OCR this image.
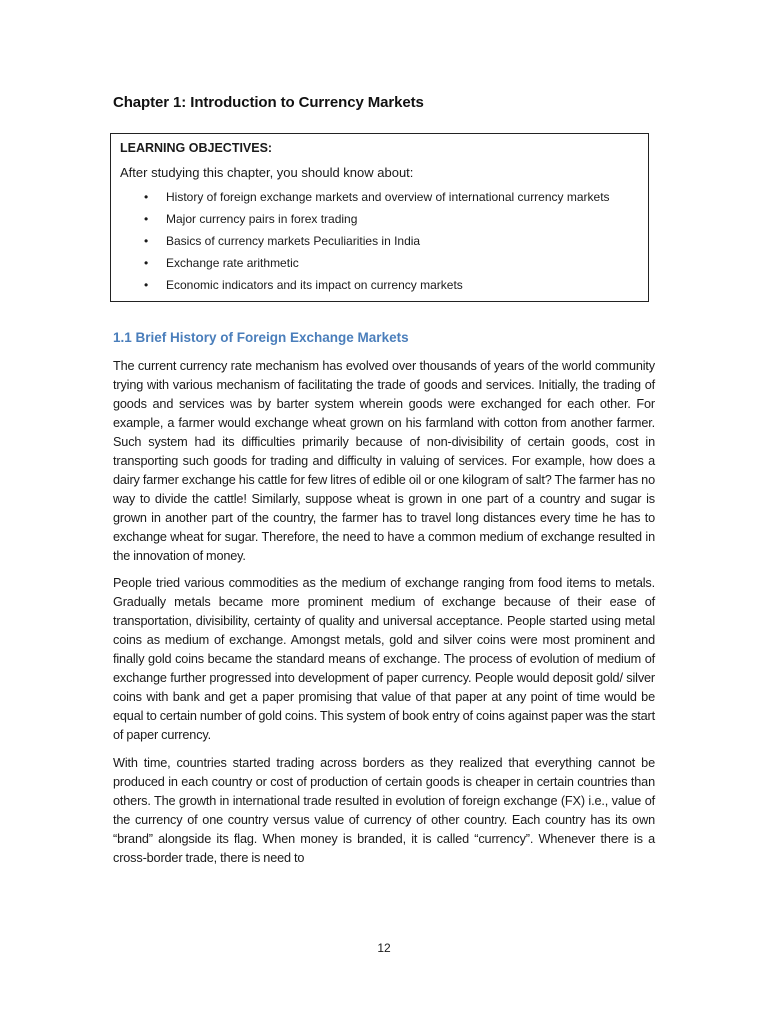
Chapter 1: Introduction to Currency Markets
LEARNING OBJECTIVES:
After studying this chapter, you should know about:
• History of foreign exchange markets and overview of international currency markets
• Major currency pairs in forex trading
• Basics of currency markets Peculiarities in India
• Exchange rate arithmetic
• Economic indicators and its impact on currency markets
1.1 Brief History of Foreign Exchange Markets

The current currency rate mechanism has evolved over thousands of years of the world community trying with various mechanism of facilitating the trade of goods and services. Initially, the trading of goods and services was by barter system wherein goods were exchanged for each other. For example, a farmer would exchange wheat grown on his farmland with cotton from another farmer. Such system had its difficulties primarily because of non-divisibility of certain goods, cost in transporting such goods for trading and difficulty in valuing of services. For example, how does a dairy farmer exchange his cattle for few litres of edible oil or one kilogram of salt? The farmer has no way to divide the cattle! Similarly, suppose wheat is grown in one part of a country and sugar is grown in another part of the country, the farmer has to travel long distances every time he has to exchange wheat for sugar. Therefore, the need to have a common medium of exchange resulted in the innovation of money.

People tried various commodities as the medium of exchange ranging from food items to metals. Gradually metals became more prominent medium of exchange because of their ease of transportation, divisibility, certainty of quality and universal acceptance. People started using metal coins as medium of exchange. Amongst metals, gold and silver coins were most prominent and finally gold coins became the standard means of exchange. The process of evolution of medium of exchange further progressed into development of paper currency. People would deposit gold/ silver coins with bank and get a paper promising that value of that paper at any point of time would be equal to certain number of gold coins. This system of book entry of coins against paper was the start of paper currency.

With time, countries started trading across borders as they realized that everything cannot be produced in each country or cost of production of certain goods is cheaper in certain countries than others. The growth in international trade resulted in evolution of foreign exchange (FX) i.e., value of the currency of one country versus value of currency of other country. Each country has its own “brand” alongside its flag. When money is branded, it is called “currency”. Whenever there is a cross-border trade, there is need to

12
